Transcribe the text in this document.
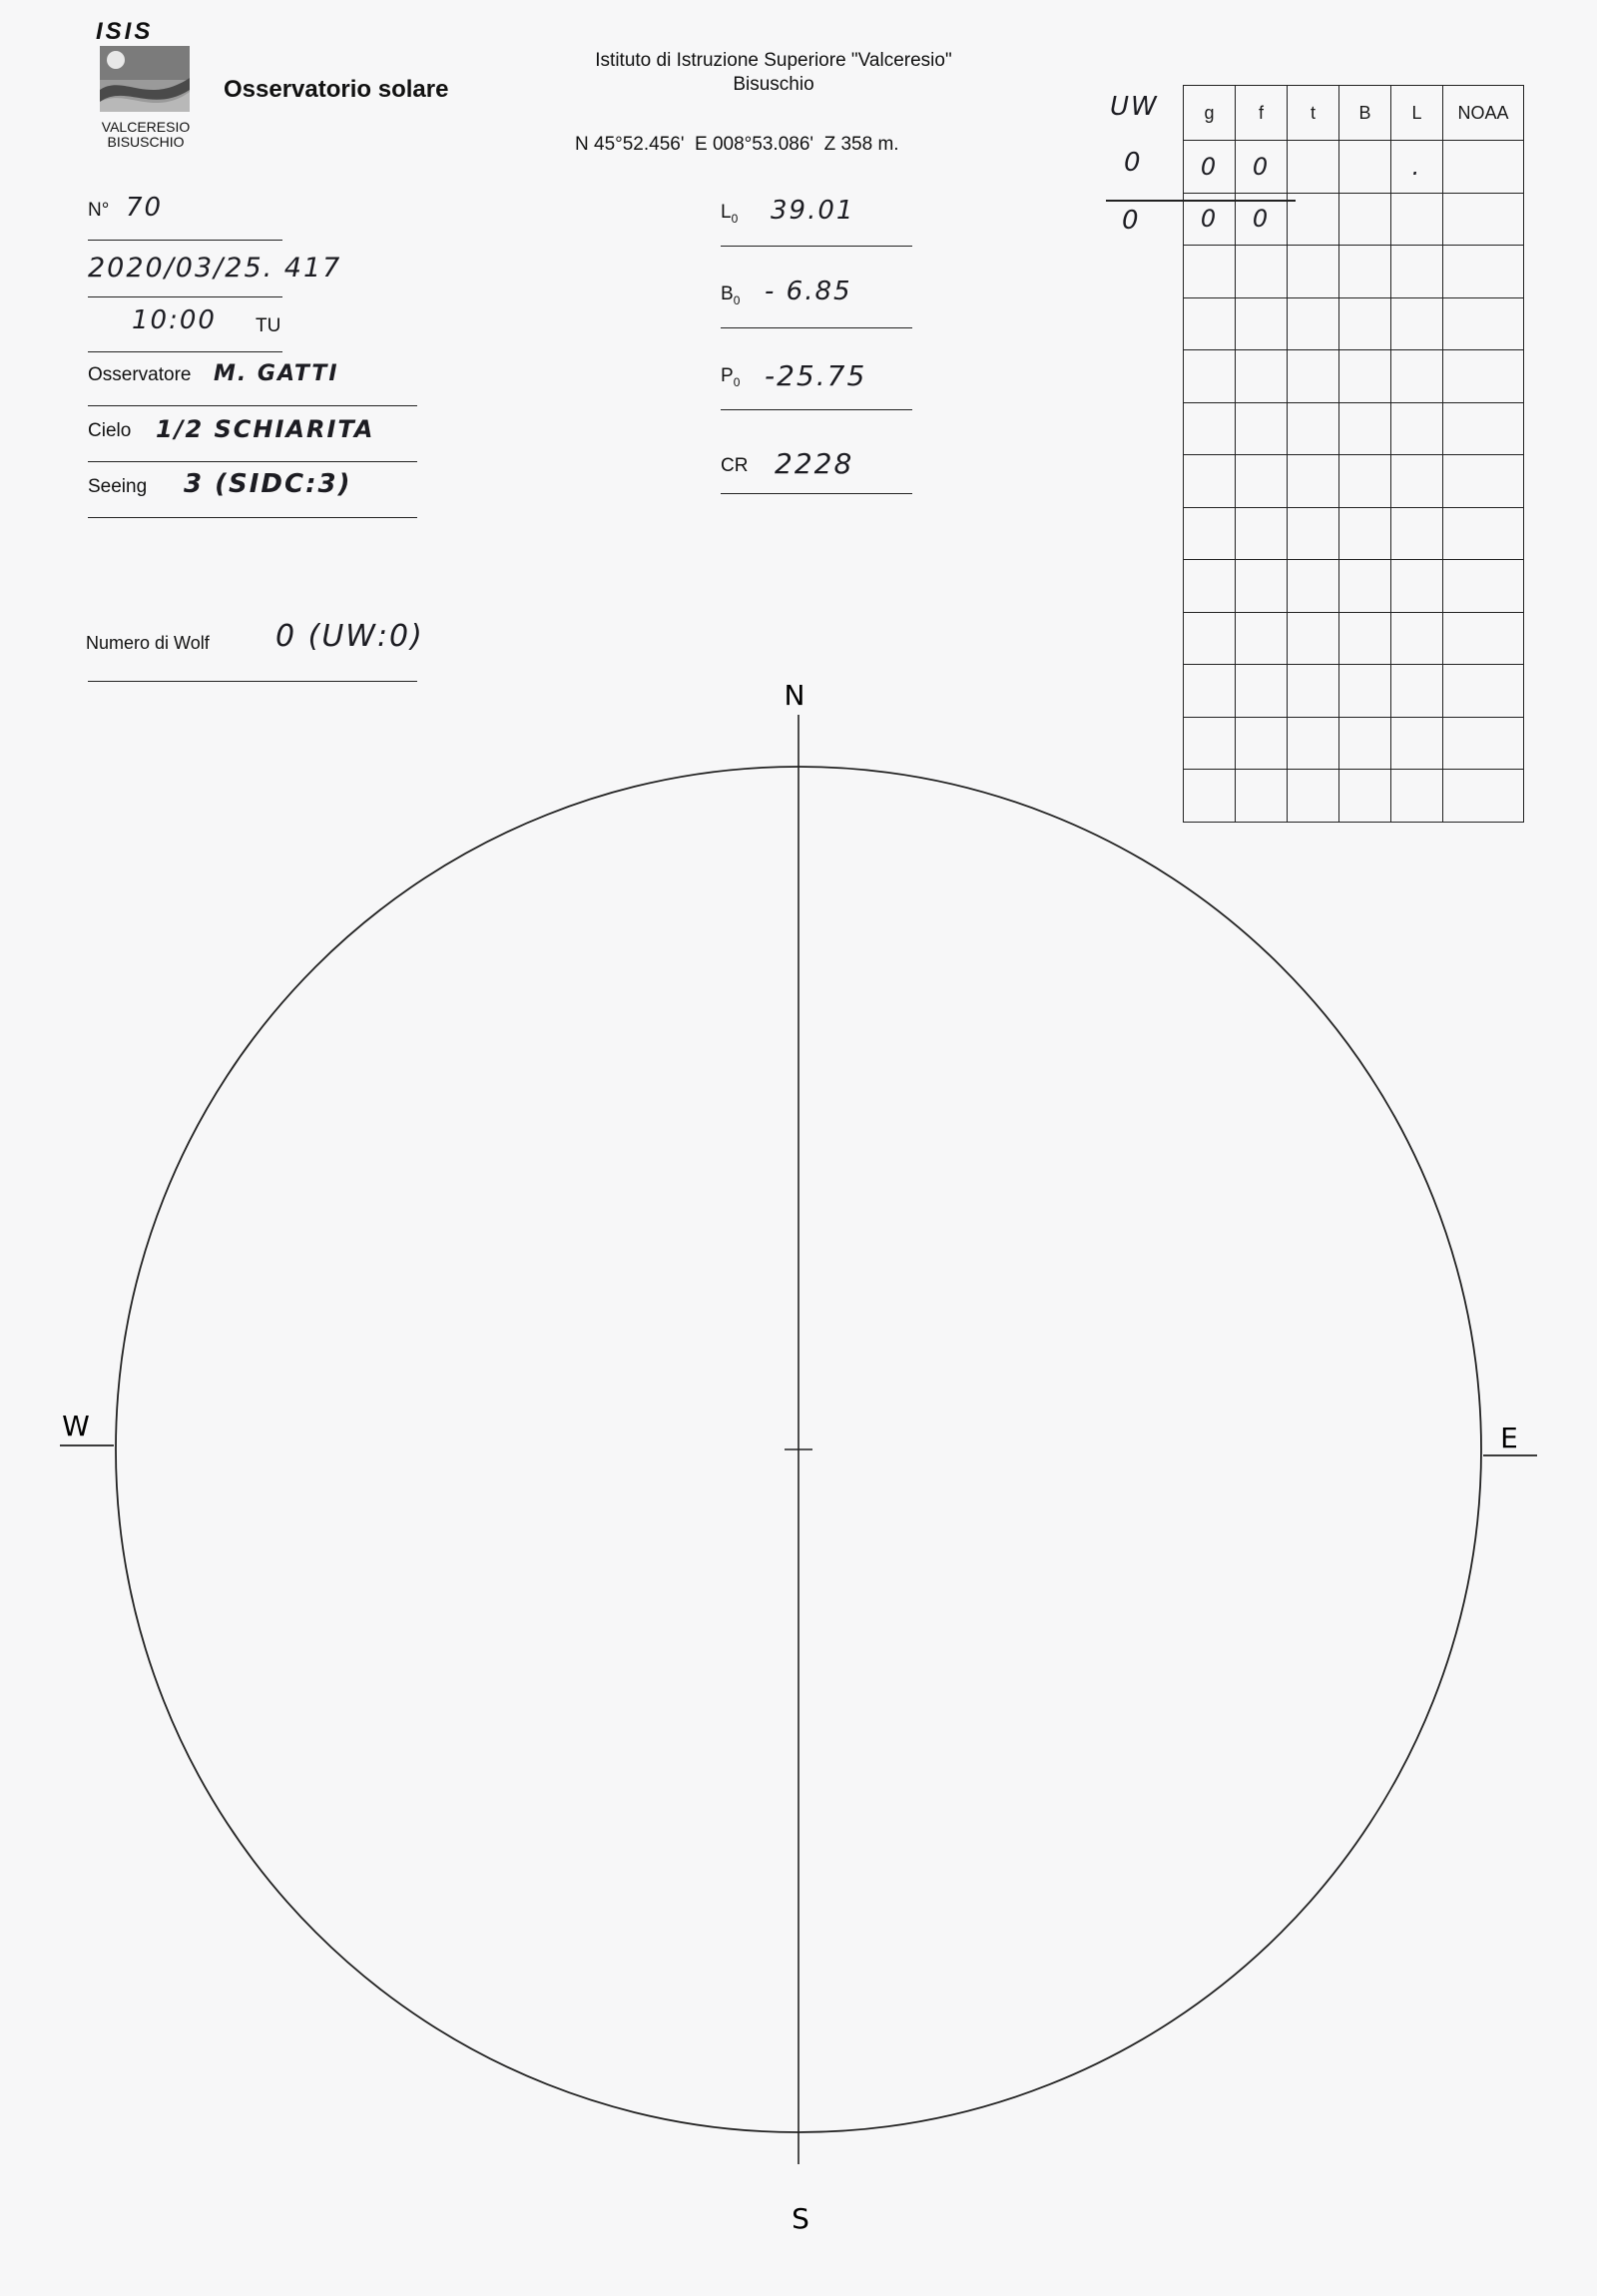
ISIS
VALCERESIO
BISUSCHIO
Osservatorio solare
Istituto di Istruzione Superiore "Valceresio"
Bisuschio
N 45°52.456'  E 008°53.086'  Z 358 m.
N° 70
2020/03/25. 417
10:00 TU
Osservatore M. GATTI
Cielo 1/2 SCHIARITA
Seeing 3 (SIDC:3)
Numero di Wolf 0 (UW:0)
$L_0$ 39.01
$B_0 - 6.85$
$P_0$ -25.75
CR 2228
UW
0
0
g	f	t	B	L	NOAA
0	0			.	
0	0				

N
S
W	E
